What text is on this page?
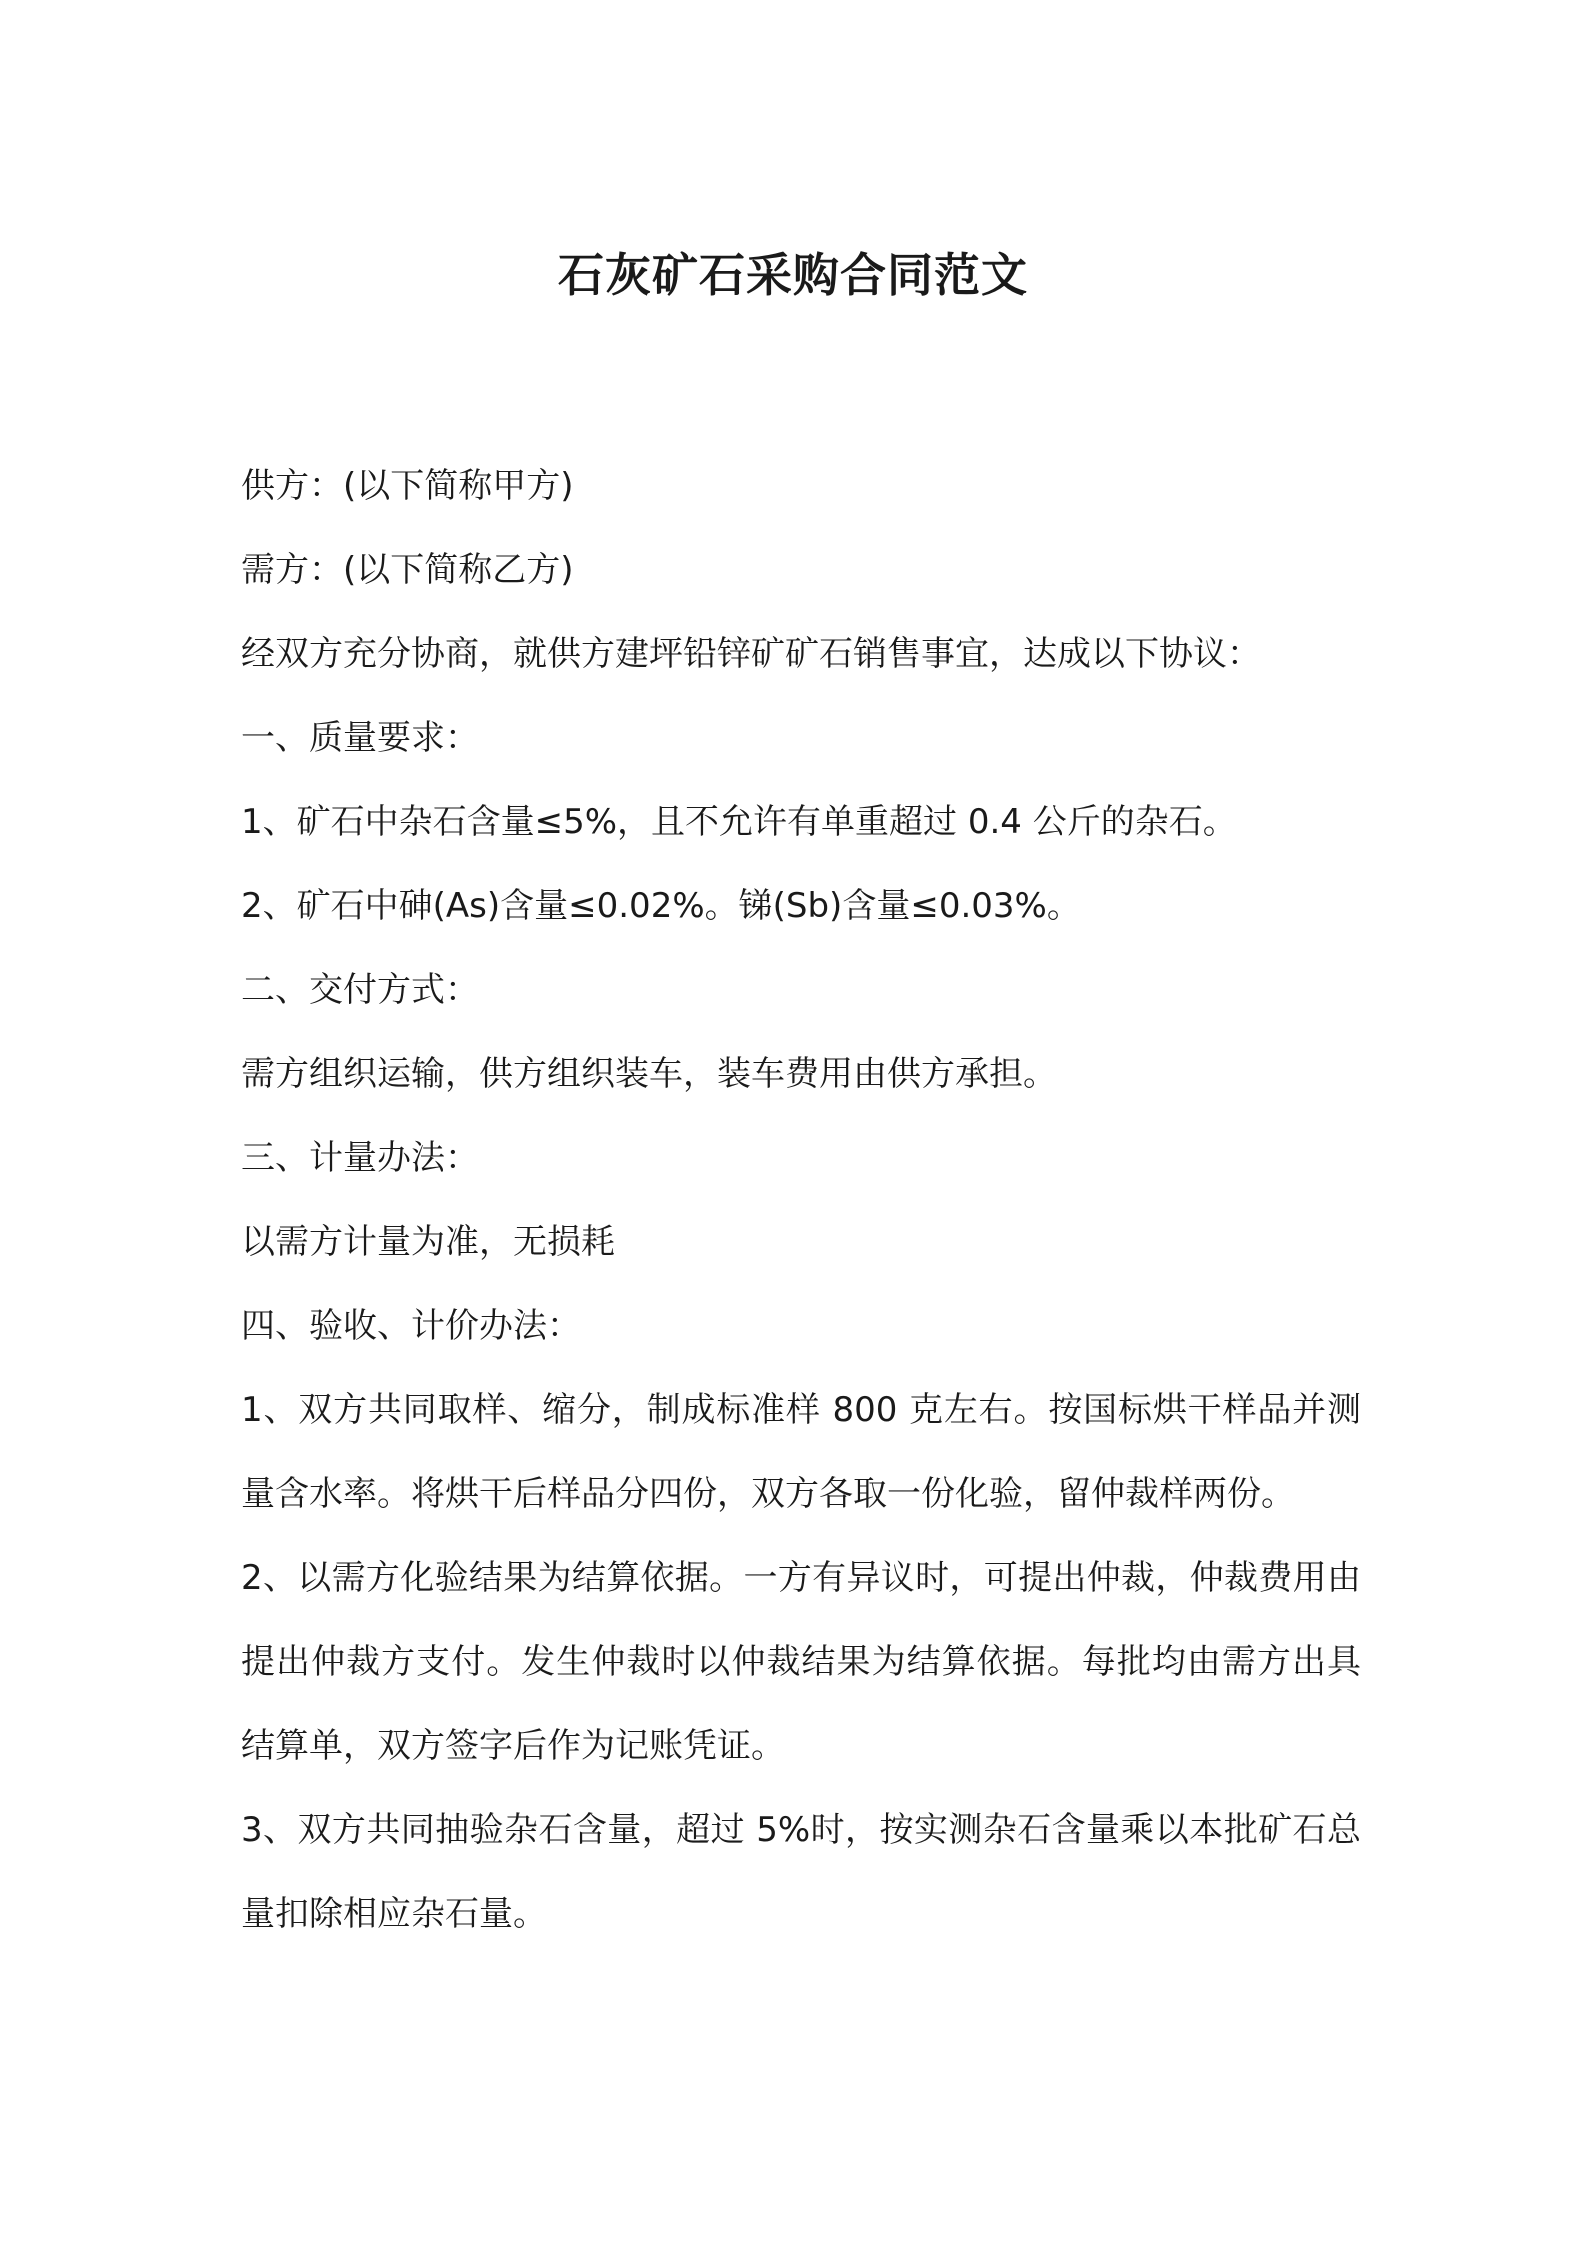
石灰矿石采购合同范文

供方：(以下简称甲方)

需方：(以下简称乙方)

经双方充分协商，就供方建坪铅锌矿矿石销售事宜，达成以下协议：

一、质量要求：

1、矿石中杂石含量≤5%，且不允许有单重超过 0.4 公斤的杂石。

2、矿石中砷(As)含量≤0.02%。锑(Sb)含量≤0.03%。

二、交付方式：

需方组织运输，供方组织装车，装车费用由供方承担。

三、计量办法：

以需方计量为准，无损耗

四、验收、计价办法：

1、双方共同取样、缩分，制成标准样 800 克左右。按国标烘干样品并测量含水率。将烘干后样品分四份，双方各取一份化验，留仲裁样两份。

2、以需方化验结果为结算依据。一方有异议时，可提出仲裁，仲裁费用由提出仲裁方支付。发生仲裁时以仲裁结果为结算依据。每批均由需方出具结算单，双方签字后作为记账凭证。

3、双方共同抽验杂石含量，超过 5%时，按实测杂石含量乘以本批矿石总量扣除相应杂石量。
